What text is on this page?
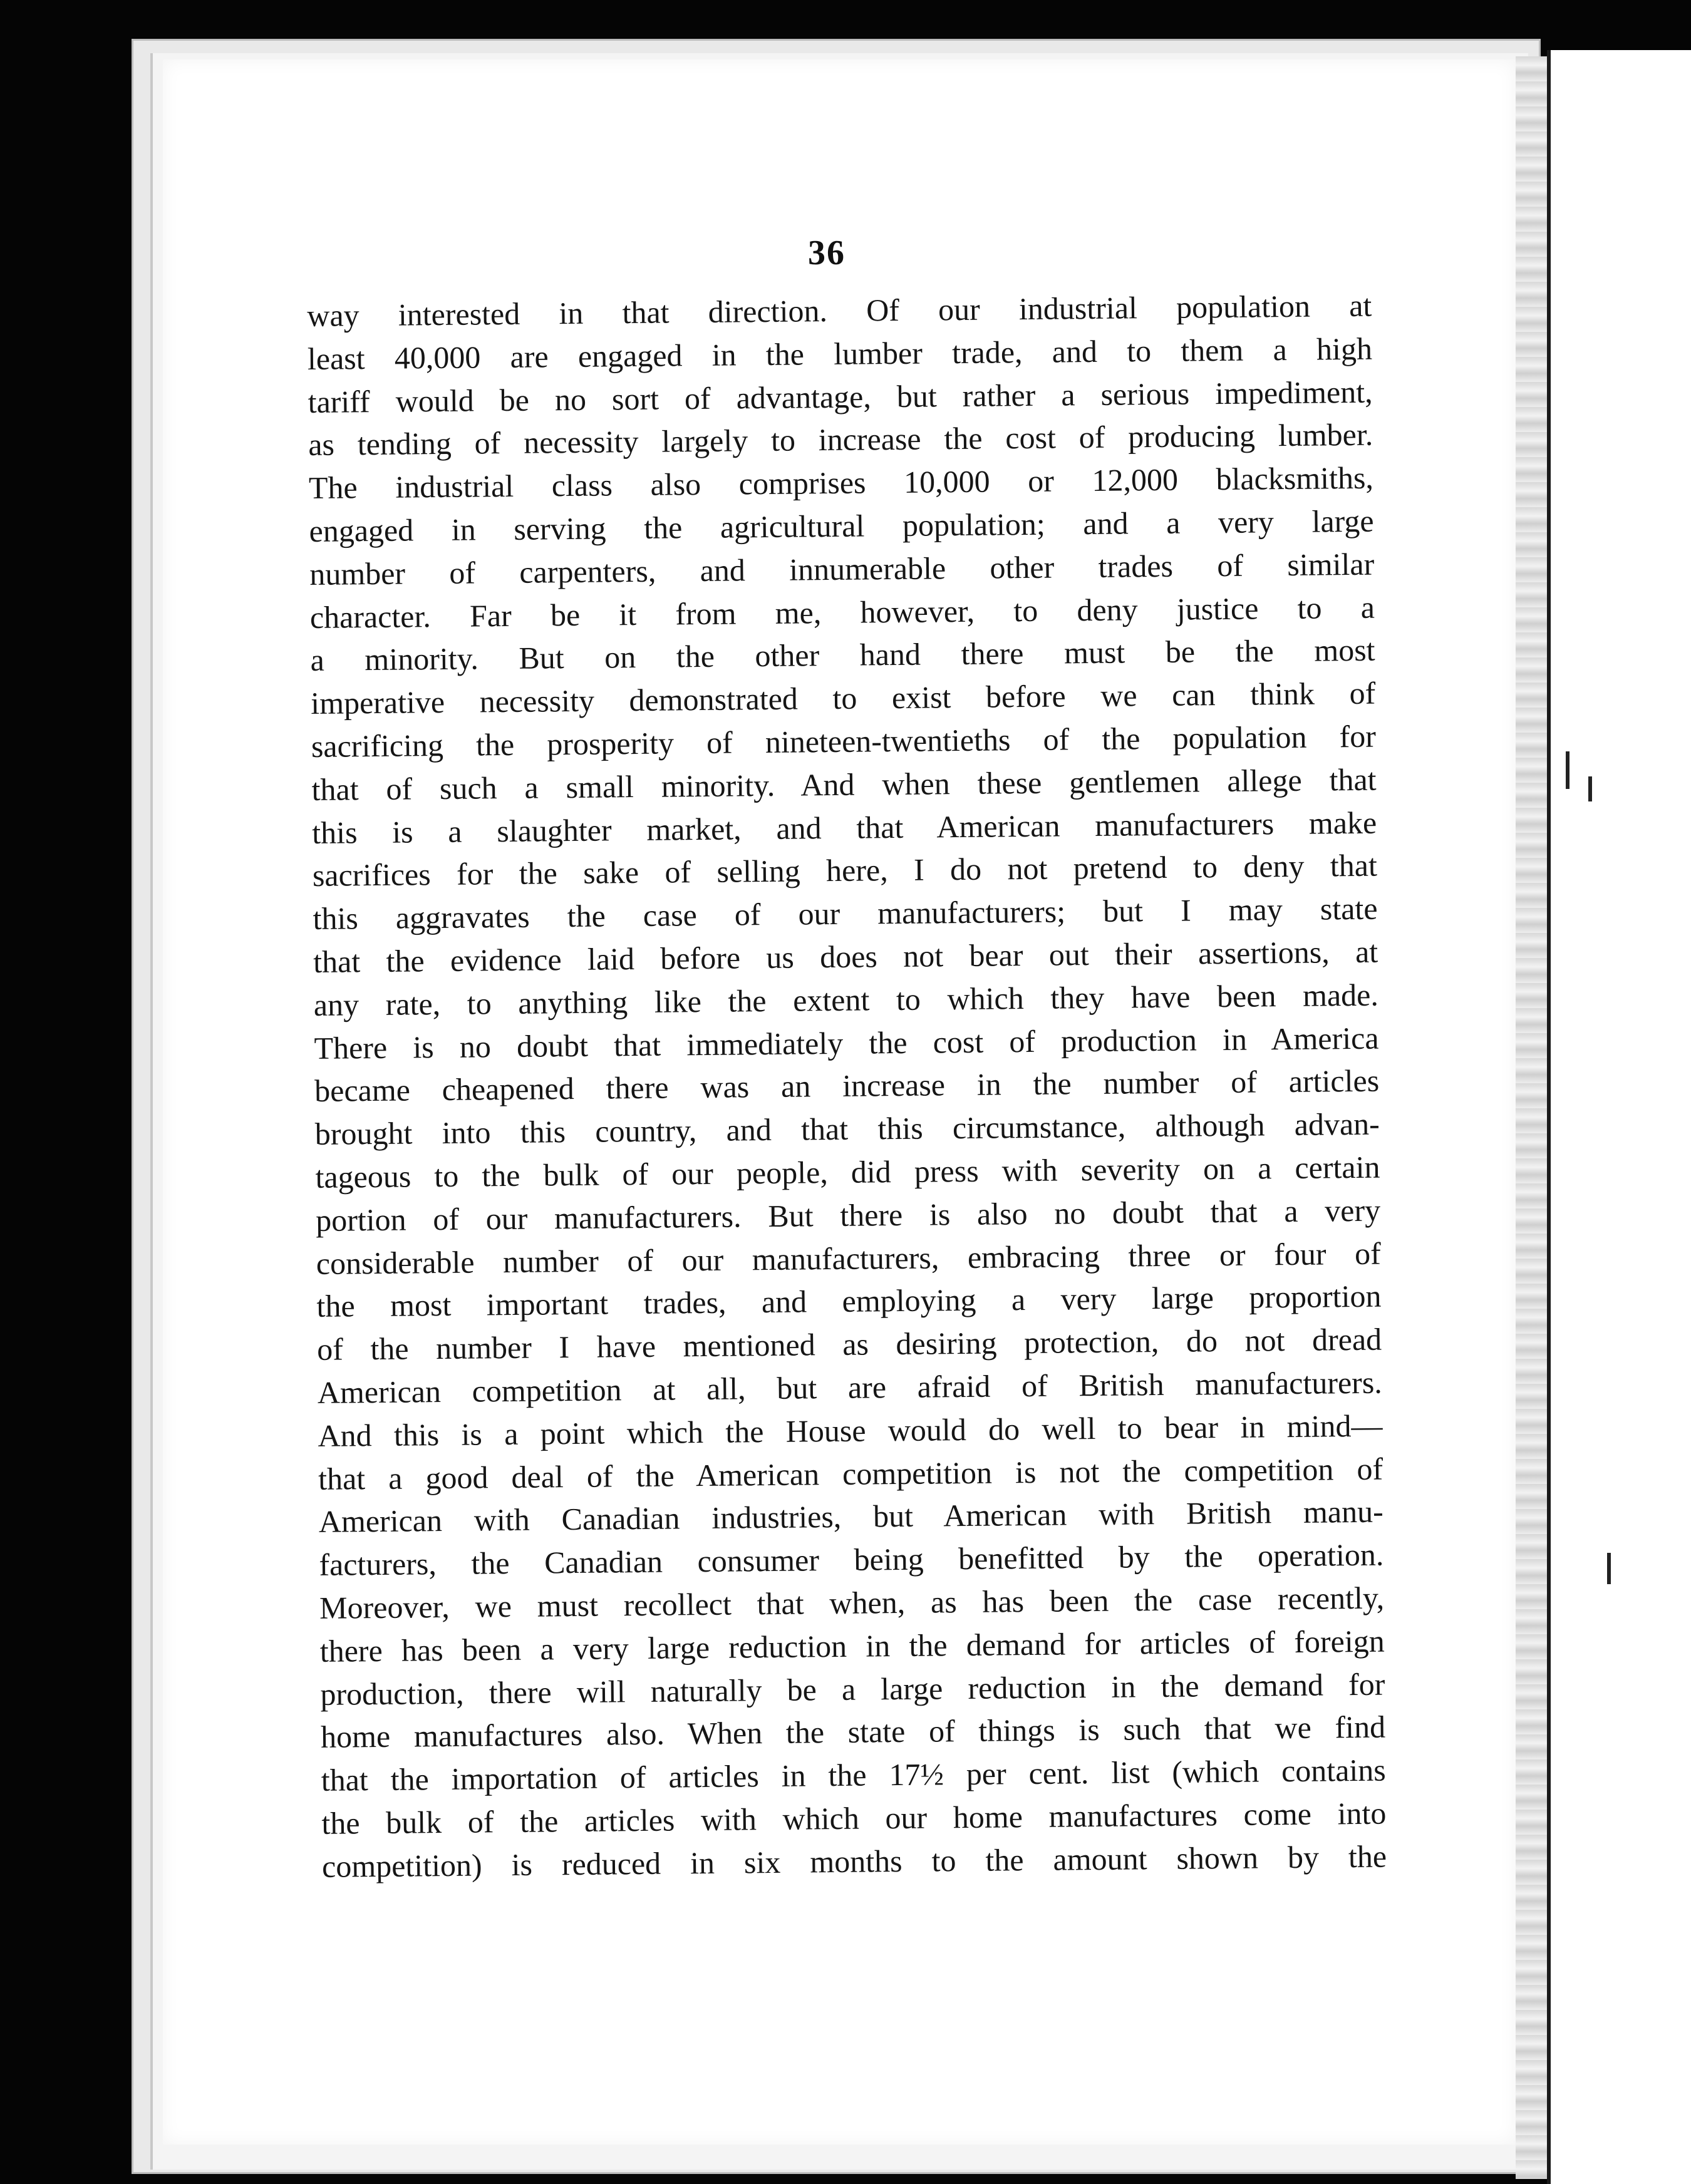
36
way interested in that direction. Of our industrial population at
least 40,000 are engaged in the lumber trade, and to them a high
tariff would be no sort of advantage, but rather a serious impediment,
as tending of necessity largely to increase the cost of producing lumber.
The industrial class also comprises 10,000 or 12,000 blacksmiths,
engaged in serving the agricultural population; and a very large
number of carpenters, and innumerable other trades of similar
character. Far be it from me, however, to deny justice to a
a minority. But on the other hand there must be the most
imperative necessity demonstrated to exist before we can think of
sacrificing the prosperity of nineteen-twentieths of the population for
that of such a small minority. And when these gentlemen allege that
this is a slaughter market, and that American manufacturers make
sacrifices for the sake of selling here, I do not pretend to deny that
this aggravates the case of our manufacturers; but I may state
that the evidence laid before us does not bear out their assertions, at
any rate, to anything like the extent to which they have been made.
There is no doubt that immediately the cost of production in America
became cheapened there was an increase in the number of articles
brought into this country, and that this circumstance, although advan-
tageous to the bulk of our people, did press with severity on a certain
portion of our manufacturers. But there is also no doubt that a very
considerable number of our manufacturers, embracing three or four of
the most important trades, and employing a very large proportion
of the number I have mentioned as desiring protection, do not dread
American competition at all, but are afraid of British manufacturers.
And this is a point which the House would do well to bear in mind—
that a good deal of the American competition is not the competition of
American with Canadian industries, but American with British manu-
facturers, the Canadian consumer being benefitted by the operation.
Moreover, we must recollect that when, as has been the case recently,
there has been a very large reduction in the demand for articles of foreign
production, there will naturally be a large reduction in the demand for
home manufactures also. When the state of things is such that we find
that the importation of articles in the 17½ per cent. list (which contains
the bulk of the articles with which our home manufactures come into
competition) is reduced in six months to the amount shown by the
